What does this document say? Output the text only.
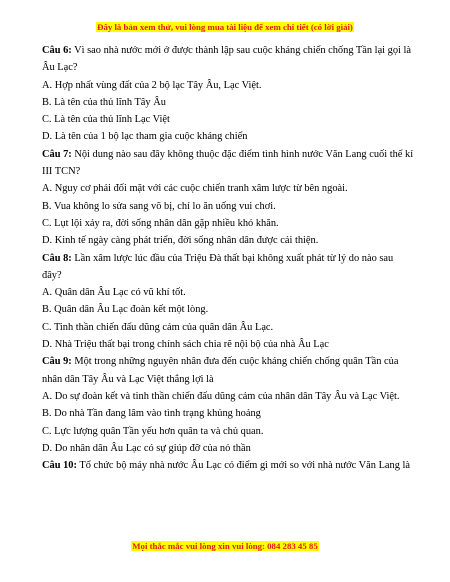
Đây là bản xem thử, vui lòng mua tài liệu để xem chi tiết (có lời giải)

Câu 6: Vì sao nhà nước mới ở được thành lập sau cuộc kháng chiến chống Tần lại gọi là Âu Lạc?

A. Hợp nhất vùng đất của 2 bộ lạc Tây Âu, Lạc Việt.

B. Là tên của thủ lĩnh Tây Âu

C. Là tên của thủ lĩnh Lạc Việt

D. Là tên của 1 bộ lạc tham gia cuộc kháng chiến

Câu 7: Nội dung nào sau đây không thuộc đặc điểm tình hình nước Văn Lang cuối thế kỉ III TCN?

A. Nguy cơ phải đối mặt với các cuộc chiến tranh xâm lược từ bên ngoài.

B. Vua không lo sửa sang võ bị, chỉ lo ăn uống vui chơi.

C. Lụt lội xảy ra, đời sống nhân dân gặp nhiều khó khăn.

D. Kinh tế ngày càng phát triển, đời sống nhân dân được cải thiện.

Câu 8: Lần xâm lược lúc đầu của Triệu Đà thất bại không xuất phát từ lý do nào sau đây?

A. Quân dân Âu Lạc có vũ khí tốt.

B. Quân dân Âu Lạc đoàn kết một lòng.

C. Tinh thần chiến đấu dũng cảm của quân dân Âu Lạc.

D. Nhà Triệu thất bại trong chính sách chia rẽ nội bộ của nhà Âu Lạc

Câu 9: Một trong những nguyên nhân đưa đến cuộc kháng chiến chống quân Tần của nhân dân Tây Âu và Lạc Việt thắng lợi là

A. Do sự đoàn kết và tinh thần chiến đấu dũng cảm của nhân dân Tây Âu và Lạc Việt.

B. Do nhà Tần đang lâm vào tình trạng khủng hoảng

C. Lực lượng quân Tần yếu hơn quân ta và chủ quan.

D. Do nhân dân Âu Lạc có sự giúp đỡ của nỏ thần

Câu 10: Tổ chức bộ máy nhà nước Âu Lạc có điểm gì mới so với nhà nước Văn Lang là

Mọi thắc mắc vui lòng xin vui lòng: 084 283 45 85
